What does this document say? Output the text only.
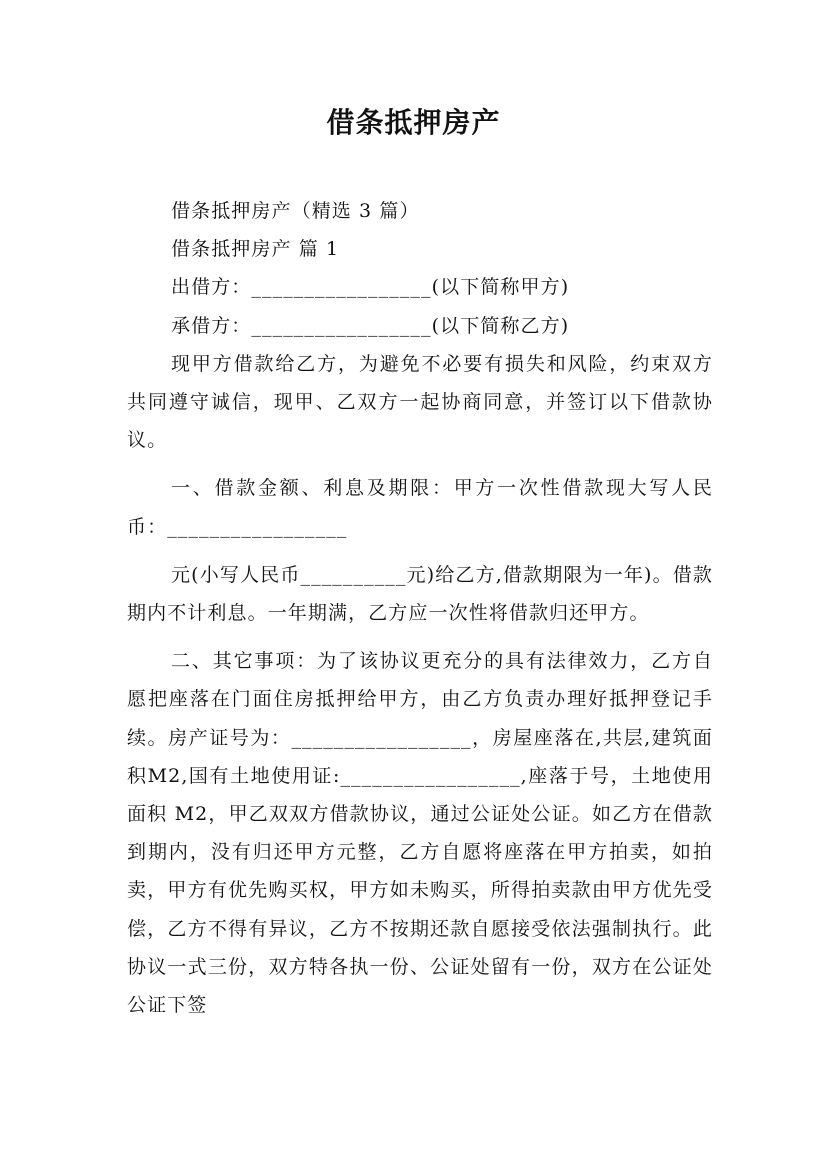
借条抵押房产
借条抵押房产（精选 3 篇）
借条抵押房产 篇 1
出借方：_________________(以下简称甲方)
承借方：_________________(以下简称乙方)
现甲方借款给乙方，为避免不必要有损失和风险，约束双方共同遵守诚信，现甲、乙双方一起协商同意，并签订以下借款协议。
一、借款金额、利息及期限：甲方一次性借款现大写人民币：_________________
元(小写人民币__________元)给乙方,借款期限为一年)。借款期内不计利息。一年期满，乙方应一次性将借款归还甲方。
二、其它事项：为了该协议更充分的具有法律效力，乙方自愿把座落在门面住房抵押给甲方，由乙方负责办理好抵押登记手续。房产证号为：_________________，房屋座落在,共层,建筑面积M2,国有土地使用证:_________________,座落于号，土地使用面积 M2，甲乙双双方借款协议，通过公证处公证。如乙方在借款到期内，没有归还甲方元整，乙方自愿将座落在甲方拍卖，如拍卖，甲方有优先购买权，甲方如未购买，所得拍卖款由甲方优先受偿，乙方不得有异议，乙方不按期还款自愿接受依法强制执行。此协议一式三份，双方特各执一份、公证处留有一份，双方在公证处公证下签
